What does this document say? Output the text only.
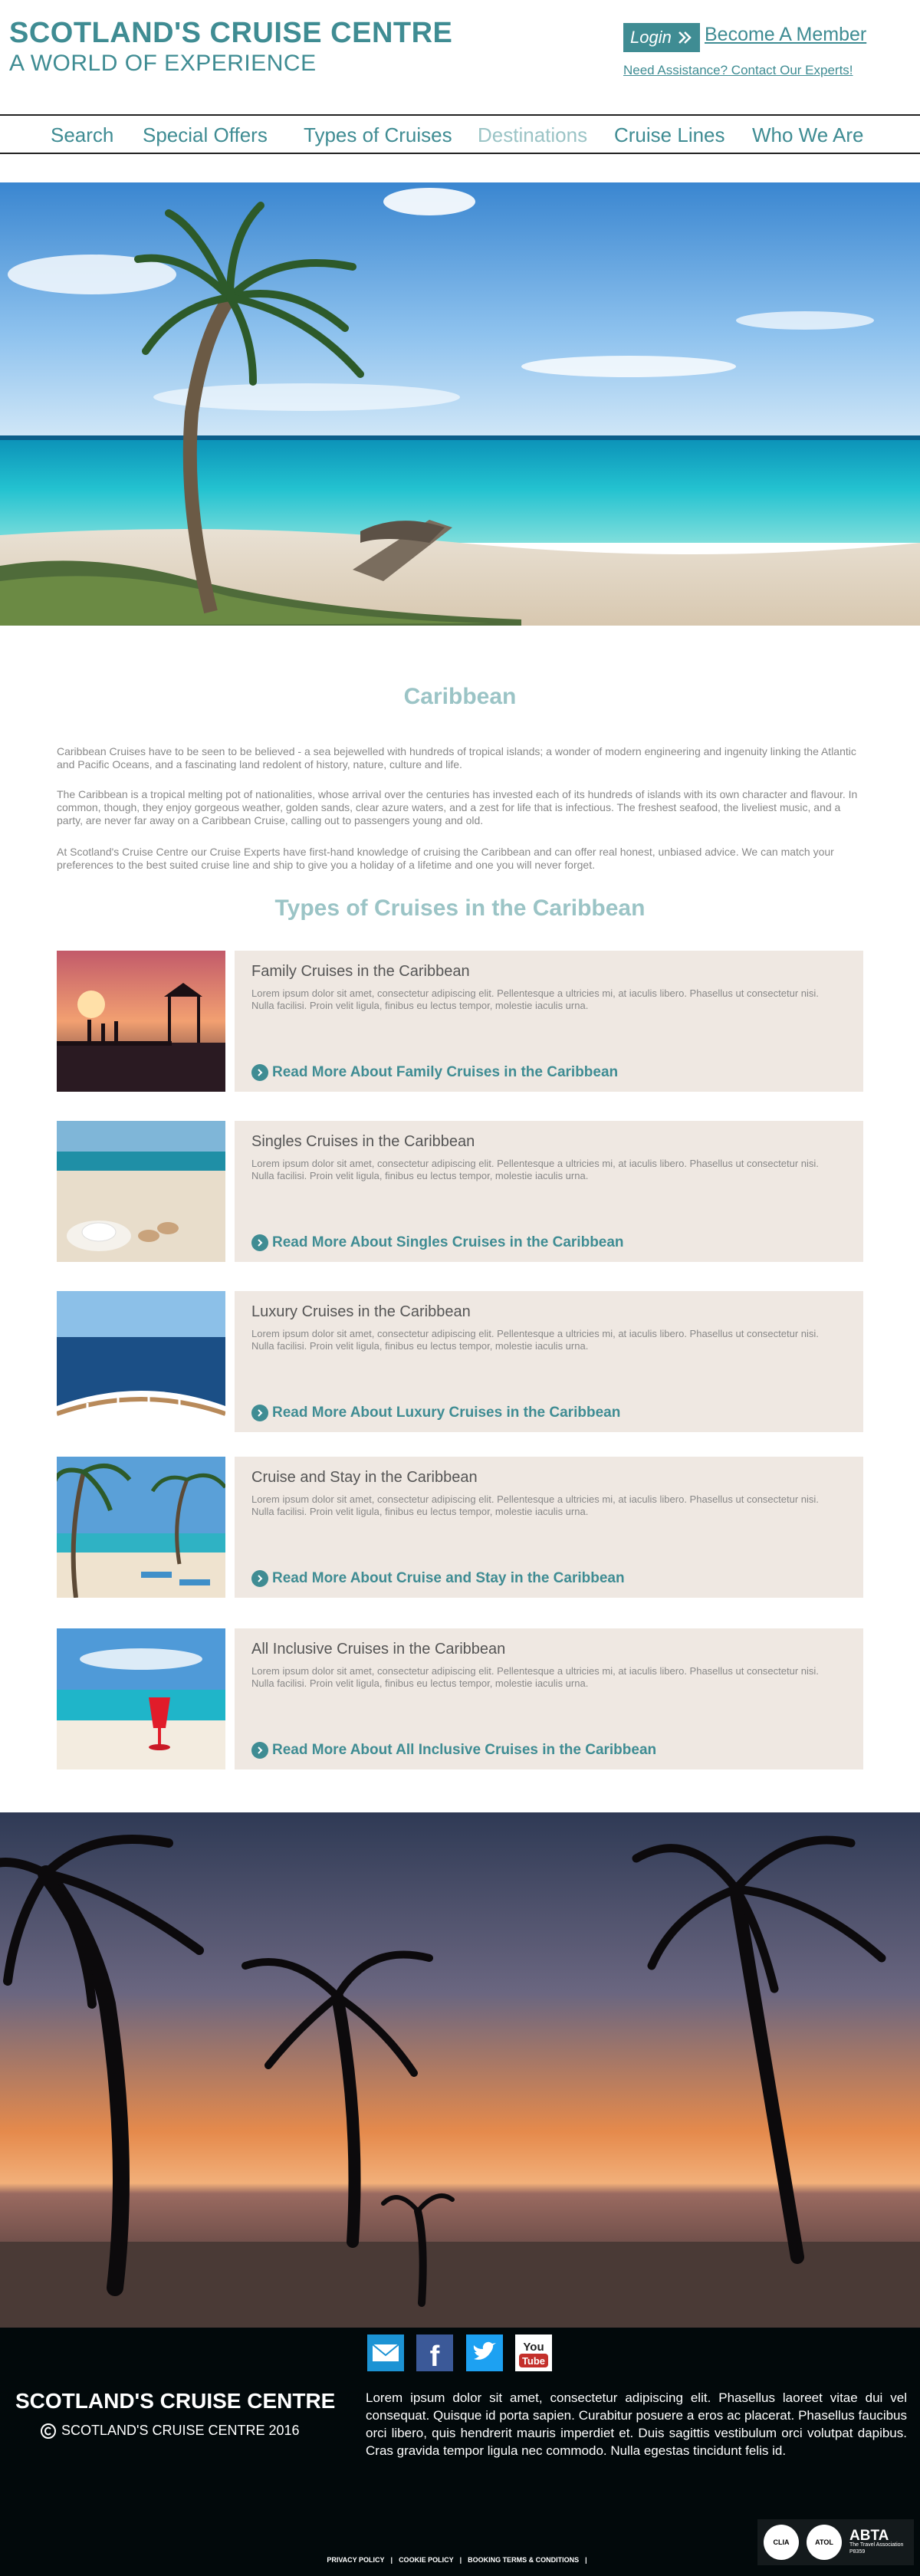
SCOTLAND'S CRUISE CENTRE
A WORLD OF EXPERIENCE
Login Become A Member
Need Assistance? Contact Our Experts!
Search Special Offers Types of Cruises Destinations Cruise Lines Who We Are
Caribbean

Caribbean Cruises have to be seen to be believed - a sea bejewelled with hundreds of tropical islands; a wonder of modern engineering and ingenuity linking the Atlantic and Pacific Oceans, and a fascinating land redolent of history, nature, culture and life.

The Caribbean is a tropical melting pot of nationalities, whose arrival over the centuries has invested each of its hundreds of islands with its own character and flavour. In common, though, they enjoy gorgeous weather, golden sands, clear azure waters, and a zest for life that is infectious. The freshest seafood, the liveliest music, and a party, are never far away on a Caribbean Cruise, calling out to passengers young and old.

At Scotland's Cruise Centre our Cruise Experts have first-hand knowledge of cruising the Caribbean and can offer real honest, unbiased advice. We can match your preferences to the best suited cruise line and ship to give you a holiday of a lifetime and one you will never forget.

Types of Cruises in the Caribbean
Family Cruises in the Caribbean
Lorem ipsum dolor sit amet, consectetur adipiscing elit. Pellentesque a ultricies mi, at iaculis libero. Phasellus ut consectetur nisi. Nulla facilisi. Proin velit ligula, finibus eu lectus tempor, molestie iaculis urna.
Read More About Family Cruises in the Caribbean
Singles Cruises in the Caribbean
Lorem ipsum dolor sit amet, consectetur adipiscing elit. Pellentesque a ultricies mi, at iaculis libero. Phasellus ut consectetur nisi. Nulla facilisi. Proin velit ligula, finibus eu lectus tempor, molestie iaculis urna.
Read More About Singles Cruises in the Caribbean
Luxury Cruises in the Caribbean
Lorem ipsum dolor sit amet, consectetur adipiscing elit. Pellentesque a ultricies mi, at iaculis libero. Phasellus ut consectetur nisi. Nulla facilisi. Proin velit ligula, finibus eu lectus tempor, molestie iaculis urna.
Read More About Luxury Cruises in the Caribbean
Cruise and Stay in the Caribbean
Lorem ipsum dolor sit amet, consectetur adipiscing elit. Pellentesque a ultricies mi, at iaculis libero. Phasellus ut consectetur nisi. Nulla facilisi. Proin velit ligula, finibus eu lectus tempor, molestie iaculis urna.
Read More About Cruise and Stay in the Caribbean
All Inclusive Cruises in the Caribbean
Lorem ipsum dolor sit amet, consectetur adipiscing elit. Pellentesque a ultricies mi, at iaculis libero. Phasellus ut consectetur nisi. Nulla facilisi. Proin velit ligula, finibus eu lectus tempor, molestie iaculis urna.
Read More About All Inclusive Cruises in the Caribbean
f	You
Tube
SCOTLAND'S CRUISE CENTRE
SCOTLAND'S CRUISE CENTRE 2016

Lorem ipsum dolor sit amet, consectetur adipiscing elit. Phasellus laoreet vitae dui vel consequat. Quisque id porta sapien. Curabitur posuere a eros ac placerat. Phasellus faucibus orci libero, quis hendrerit mauris imperdiet et. Duis sagittis vestibulum orci volutpat dapibus. Cras gravida tempor ligula nec commodo. Nulla egestas tincidunt felis id.

CLIA	ATOL	ABTA
The Travel Association
P8359
PRIVACY POLICY | COOKIE POLICY | BOOKING TERMS & CONDITIONS |
